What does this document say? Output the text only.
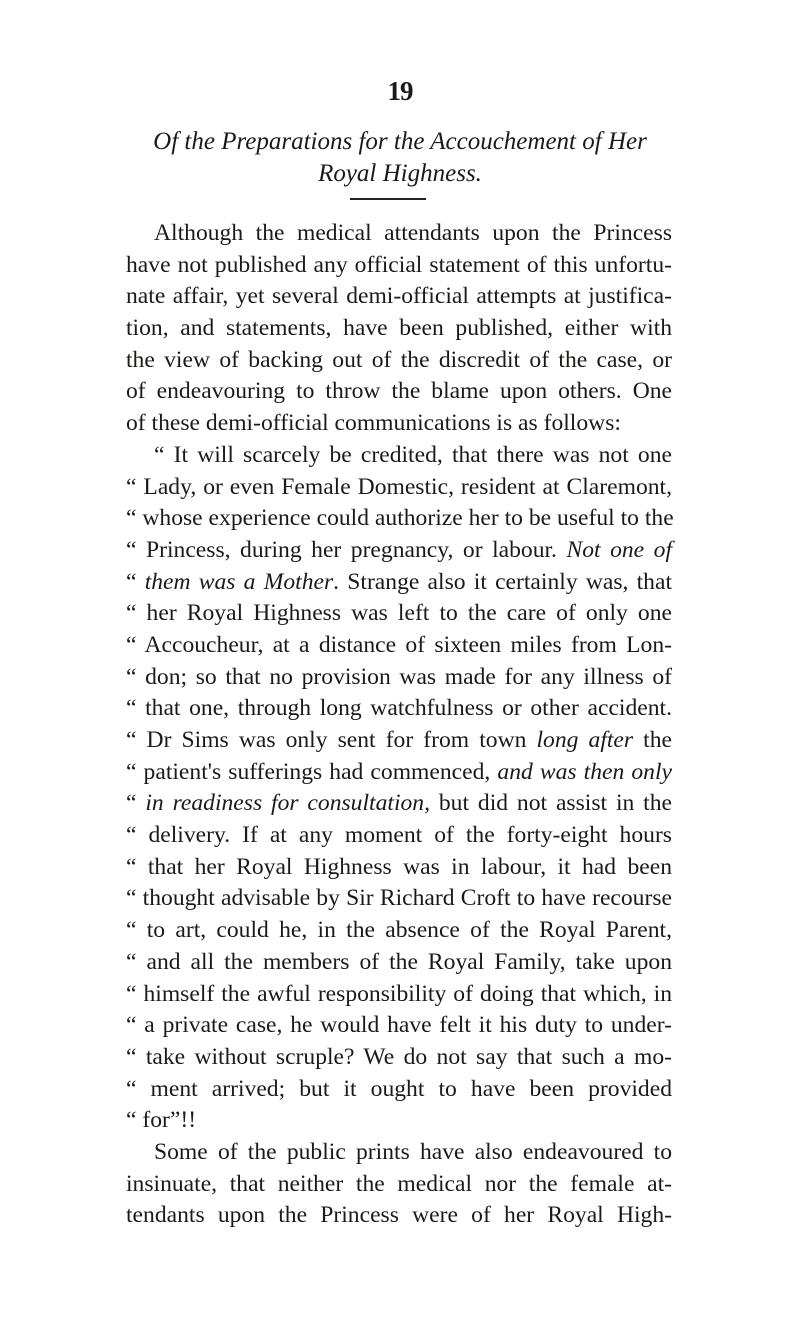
19
Of the Preparations for the Accouchement of Her
Royal Highness.
Although the medical attendants upon the Princess
have not published any official statement of this unfortu-
nate affair, yet several demi-official attempts at justifica-
tion, and statements, have been published, either with
the view of backing out of the discredit of the case, or
of endeavouring to throw the blame upon others. One
of these demi-official communications is as follows:
“ It will scarcely be credited, that there was not one
“ Lady, or even Female Domestic, resident at Claremont,
“ whose experience could authorize her to be useful to the
“ Princess, during her pregnancy, or labour. Not one of
“ them was a Mother. Strange also it certainly was, that
“ her Royal Highness was left to the care of only one
“ Accoucheur, at a distance of sixteen miles from Lon-
“ don; so that no provision was made for any illness of
“ that one, through long watchfulness or other accident.
“ Dr Sims was only sent for from town long after the
“ patient's sufferings had commenced, and was then only
“ in readiness for consultation, but did not assist in the
“ delivery. If at any moment of the forty-eight hours
“ that her Royal Highness was in labour, it had been
“ thought advisable by Sir Richard Croft to have recourse
“ to art, could he, in the absence of the Royal Parent,
“ and all the members of the Royal Family, take upon
“ himself the awful responsibility of doing that which, in
“ a private case, he would have felt it his duty to under-
“ take without scruple? We do not say that such a mo-
“ ment arrived; but it ought to have been provided
“ for”!!
Some of the public prints have also endeavoured to
insinuate, that neither the medical nor the female at-
tendants upon the Princess were of her Royal High-
